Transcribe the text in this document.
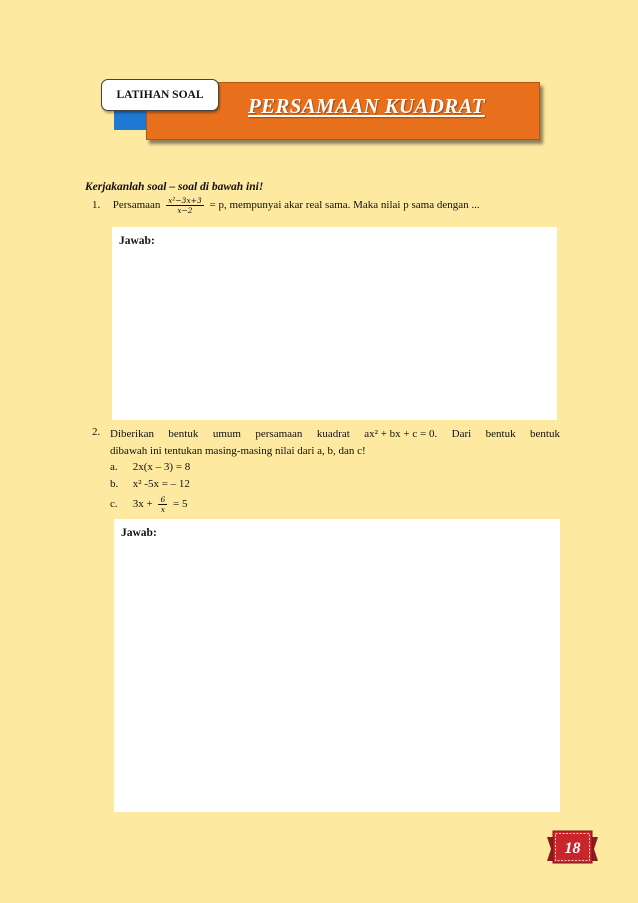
PERSAMAAN KUADRAT
LATIHAN SOAL
Kerjakanlah soal – soal di bawah ini!
1. Persamaan $\frac{\text{x²−3x+3}}{x-2} = p$, mempunyai akar real sama. Maka nilai p sama dengan ...
Jawab:
2. Diberikan bentuk umum persamaan kuadrat ax² + bx + c = 0. Dari bentuk bentuk
dibawah ini tentukan masing-masing nilai dari a, b, dan c!
a. 2x(x – 3) = 8
b. x² -5x = – 12
c. $3x + \frac{6}{x} = 5$
Jawab:
18
